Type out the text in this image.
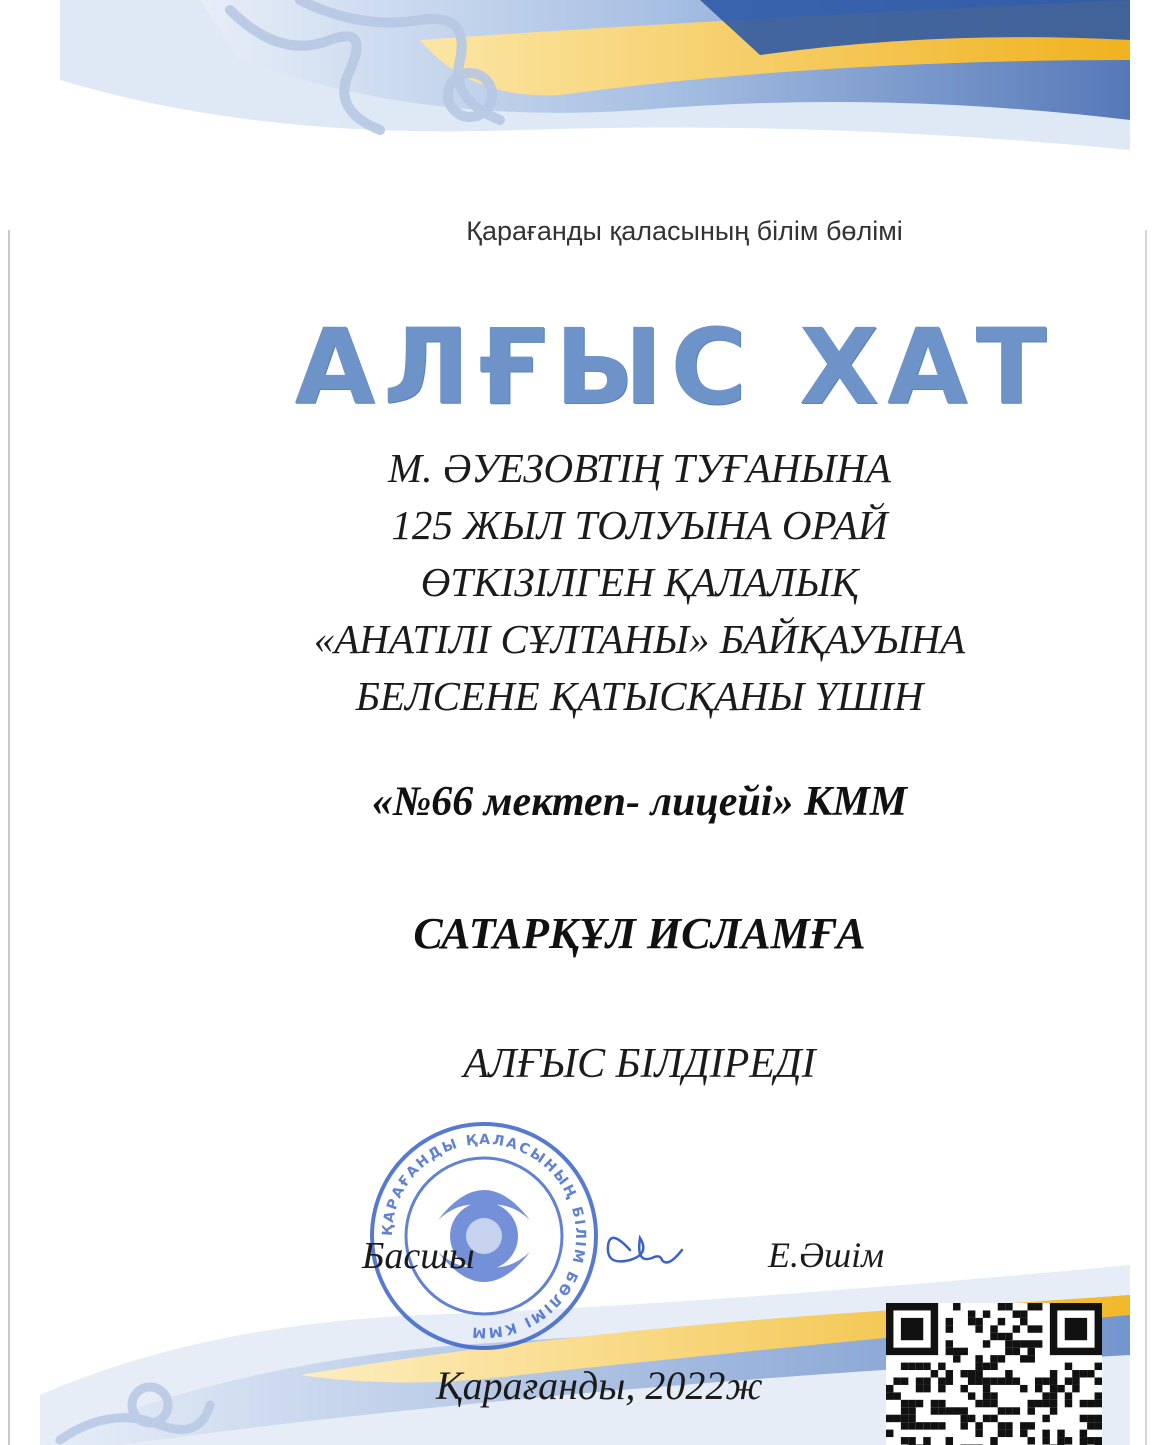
Қарағанды қаласының білім бөлімі
АЛҒЫС ХАТ
М. ӘУЕЗОВТІҢ ТУҒАНЫНА
125 ЖЫЛ ТОЛУЫНА ОРАЙ
ӨТКІЗІЛГЕН ҚАЛАЛЫҚ
«АНАТІЛІ СҰЛТАНЫ» БАЙҚАУЫНА
БЕЛСЕНЕ ҚАТЫСҚАНЫ ҮШІН
«№66 мектеп- лицейі» КММ
САТАРҚҰЛ ИСЛАМҒА
АЛҒЫС БІЛДІРЕДІ
ҚАРАҒАНДЫ ҚАЛАСЫНЫҢ БІЛІМ БӨЛІМІ КММ
Басшы	Е.Әшім
Қарағанды, 2022ж
